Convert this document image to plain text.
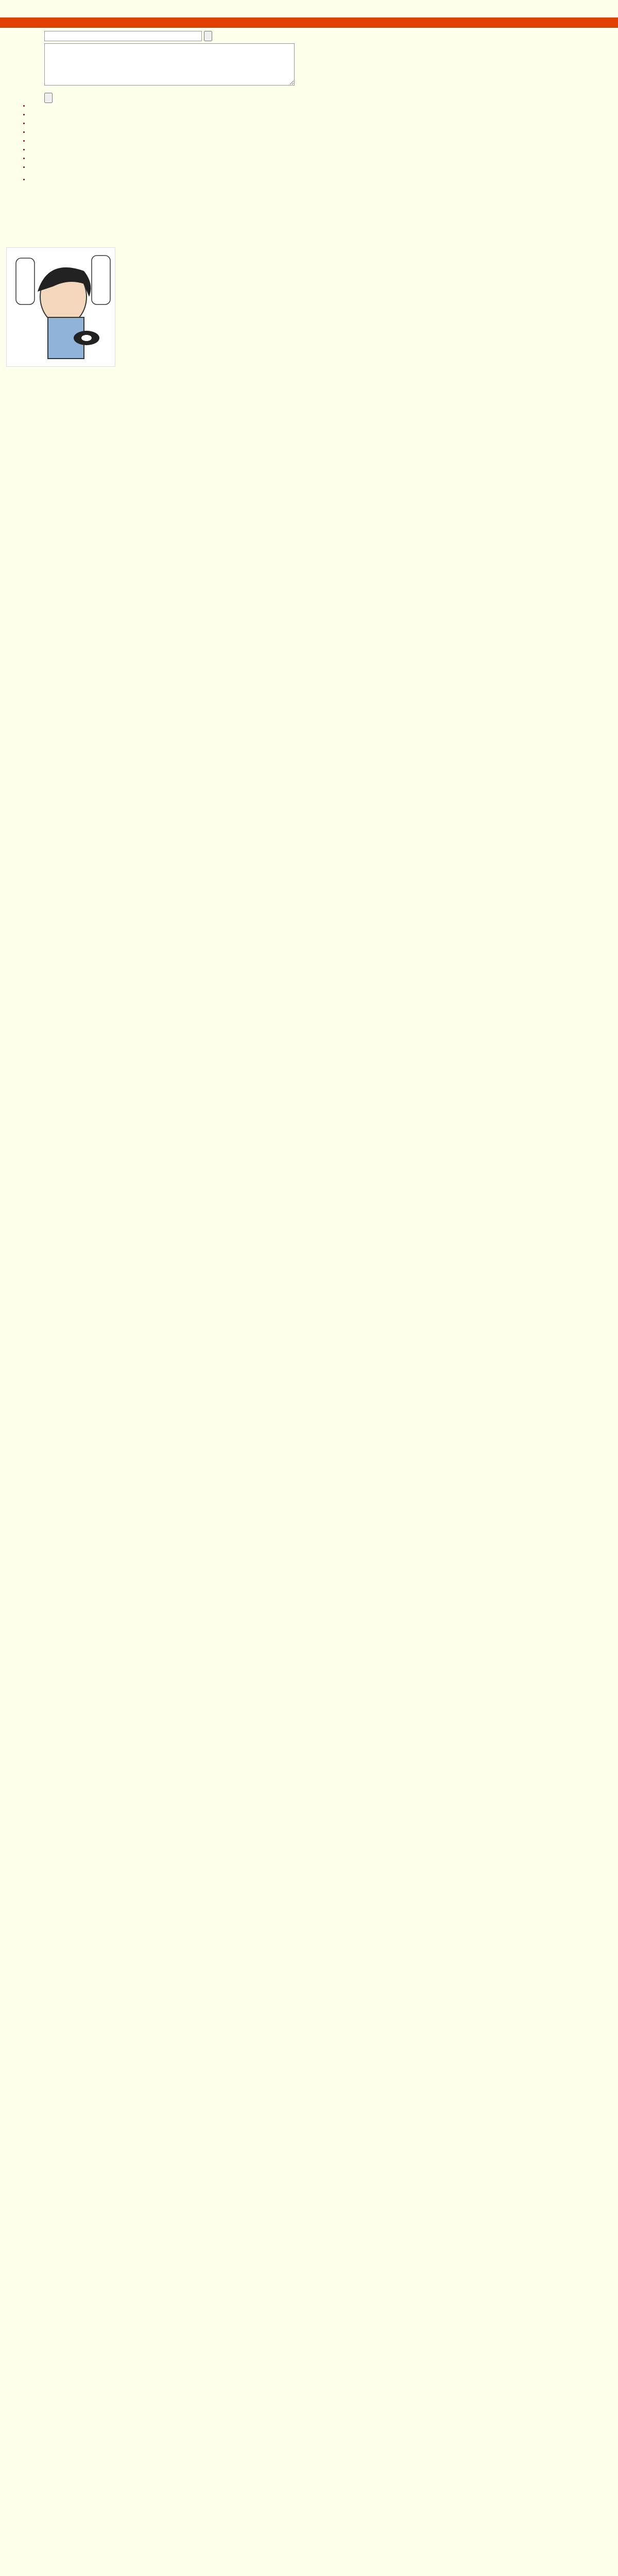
•
•
•
•
•
•
•
•
•
